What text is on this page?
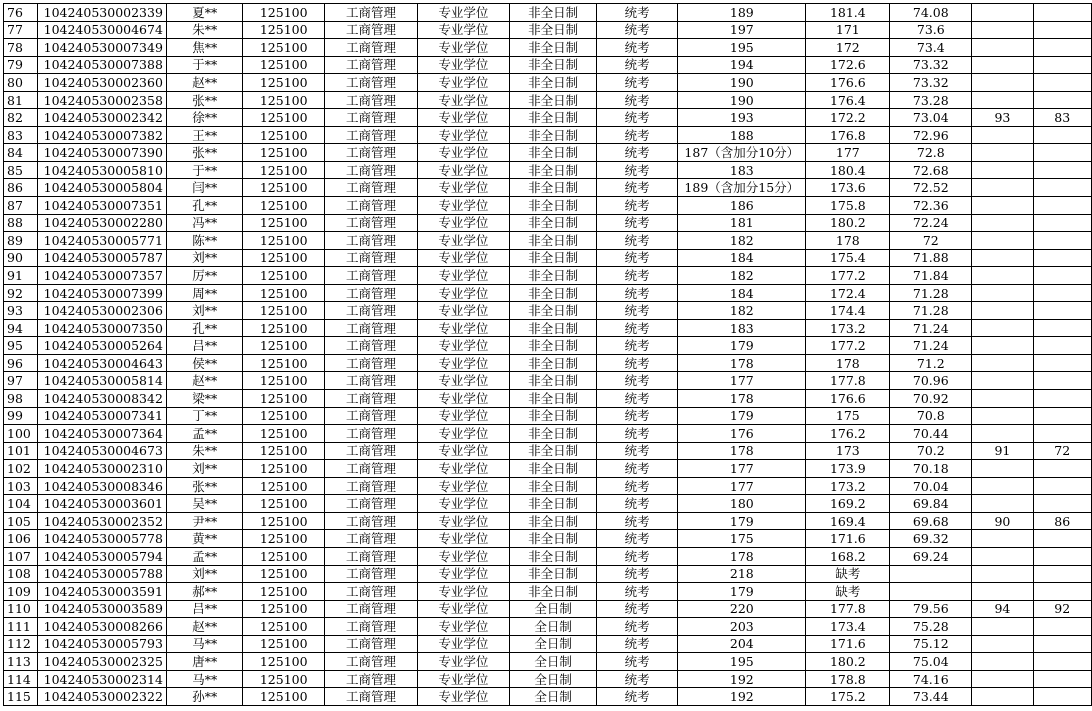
76	104240530002339	夏**	125100	工商管理	专业学位	非全日制	统考	189	181.4	74.08		
77	104240530004674	朱**	125100	工商管理	专业学位	非全日制	统考	197	171	73.6		
78	104240530007349	焦**	125100	工商管理	专业学位	非全日制	统考	195	172	73.4		
79	104240530007388	于**	125100	工商管理	专业学位	非全日制	统考	194	172.6	73.32		
80	104240530002360	赵**	125100	工商管理	专业学位	非全日制	统考	190	176.6	73.32		
81	104240530002358	张**	125100	工商管理	专业学位	非全日制	统考	190	176.4	73.28		
82	104240530002342	徐**	125100	工商管理	专业学位	非全日制	统考	193	172.2	73.04	93	83
83	104240530007382	王**	125100	工商管理	专业学位	非全日制	统考	188	176.8	72.96		
84	104240530007390	张**	125100	工商管理	专业学位	非全日制	统考	187（含加分10分）	177	72.8		
85	104240530005810	于**	125100	工商管理	专业学位	非全日制	统考	183	180.4	72.68		
86	104240530005804	闫**	125100	工商管理	专业学位	非全日制	统考	189（含加分15分）	173.6	72.52		
87	104240530007351	孔**	125100	工商管理	专业学位	非全日制	统考	186	175.8	72.36		
88	104240530002280	冯**	125100	工商管理	专业学位	非全日制	统考	181	180.2	72.24		
89	104240530005771	陈**	125100	工商管理	专业学位	非全日制	统考	182	178	72		
90	104240530005787	刘**	125100	工商管理	专业学位	非全日制	统考	184	175.4	71.88		
91	104240530007357	厉**	125100	工商管理	专业学位	非全日制	统考	182	177.2	71.84		
92	104240530007399	周**	125100	工商管理	专业学位	非全日制	统考	184	172.4	71.28		
93	104240530002306	刘**	125100	工商管理	专业学位	非全日制	统考	182	174.4	71.28		
94	104240530007350	孔**	125100	工商管理	专业学位	非全日制	统考	183	173.2	71.24		
95	104240530005264	吕**	125100	工商管理	专业学位	非全日制	统考	179	177.2	71.24		
96	104240530004643	侯**	125100	工商管理	专业学位	非全日制	统考	178	178	71.2		
97	104240530005814	赵**	125100	工商管理	专业学位	非全日制	统考	177	177.8	70.96		
98	104240530008342	梁**	125100	工商管理	专业学位	非全日制	统考	178	176.6	70.92		
99	104240530007341	丁**	125100	工商管理	专业学位	非全日制	统考	179	175	70.8		
100	104240530007364	孟**	125100	工商管理	专业学位	非全日制	统考	176	176.2	70.44		
101	104240530004673	朱**	125100	工商管理	专业学位	非全日制	统考	178	173	70.2	91	72
102	104240530002310	刘**	125100	工商管理	专业学位	非全日制	统考	177	173.9	70.18		
103	104240530008346	张**	125100	工商管理	专业学位	非全日制	统考	177	173.2	70.04		
104	104240530003601	吴**	125100	工商管理	专业学位	非全日制	统考	180	169.2	69.84		
105	104240530002352	尹**	125100	工商管理	专业学位	非全日制	统考	179	169.4	69.68	90	86
106	104240530005778	黄**	125100	工商管理	专业学位	非全日制	统考	175	171.6	69.32		
107	104240530005794	孟**	125100	工商管理	专业学位	非全日制	统考	178	168.2	69.24		
108	104240530005788	刘**	125100	工商管理	专业学位	非全日制	统考	218	缺考			
109	104240530003591	郝**	125100	工商管理	专业学位	非全日制	统考	179	缺考			
110	104240530003589	吕**	125100	工商管理	专业学位	全日制	统考	220	177.8	79.56	94	92
111	104240530008266	赵**	125100	工商管理	专业学位	全日制	统考	203	173.4	75.28		
112	104240530005793	马**	125100	工商管理	专业学位	全日制	统考	204	171.6	75.12		
113	104240530002325	唐**	125100	工商管理	专业学位	全日制	统考	195	180.2	75.04		
114	104240530002314	马**	125100	工商管理	专业学位	全日制	统考	192	178.8	74.16		
115	104240530002322	孙**	125100	工商管理	专业学位	全日制	统考	192	175.2	73.44		
